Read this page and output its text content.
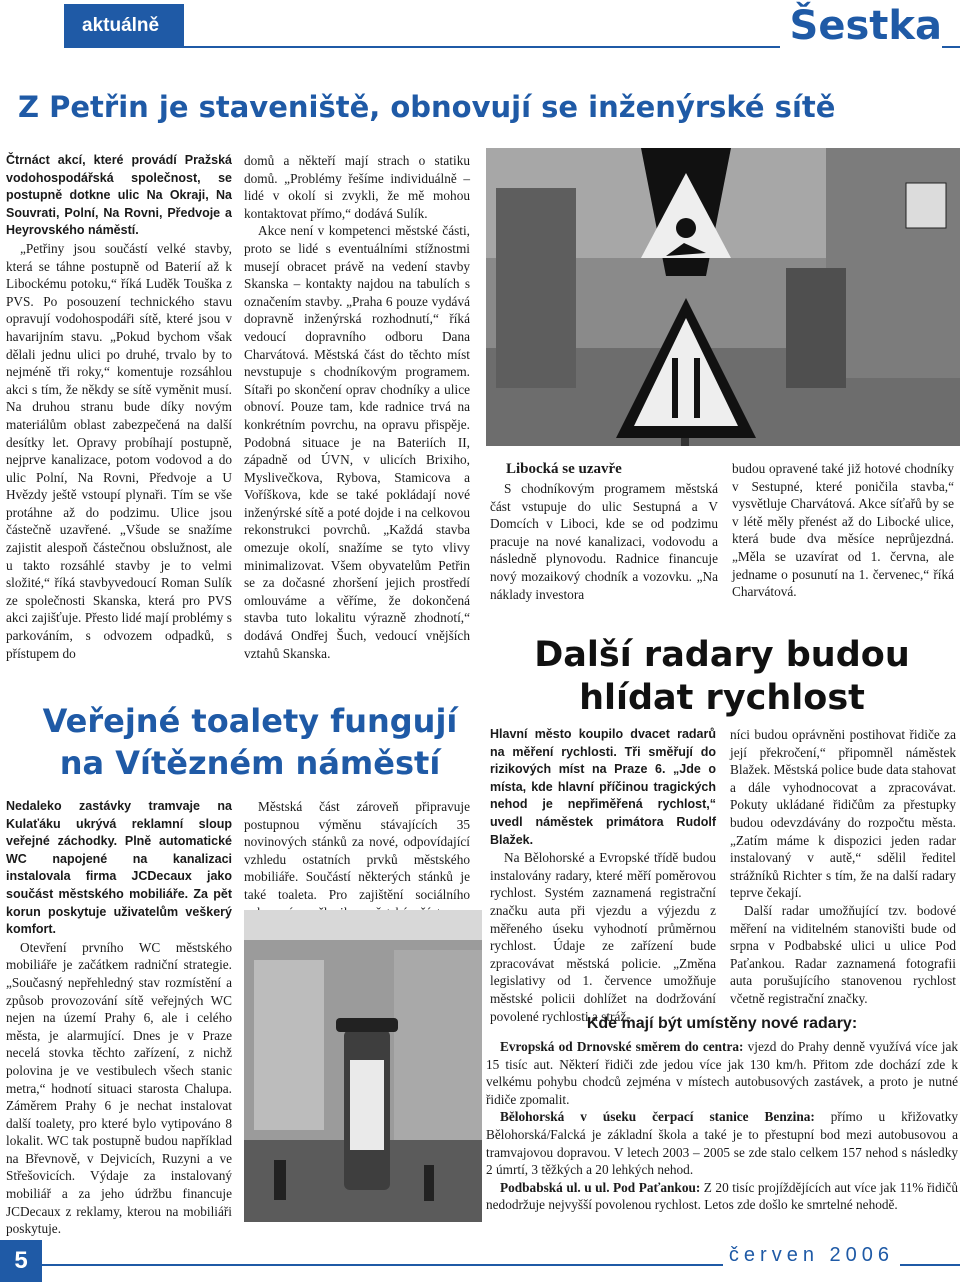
aktuálně	Šestka
Z Petřin je staveniště, obnovují se inženýrské sítě

Čtrnáct akcí, které provádí Pražská vodohospodářská společnost, se postupně dotkne ulic Na Okraji, Na Souvrati, Polní, Na Rovni, Předvoje a Heyrovského náměstí.

„Petřiny jsou součástí velké stavby, která se táhne postupně od Baterií až k Libockému potoku,“ říká Luděk Touška z PVS. Po posouzení technického stavu opravují vodohospodáři sítě, které jsou v havarijním stavu. „Pokud bychom však dělali jednu ulici po druhé, trvalo by to nejméně tři roky,“ komentuje rozsáhlou akci s tím, že někdy se sítě vyměnit musí. Na druhou stranu bude díky novým materiálům oblast zabezpečená na další desítky let. Opravy probíhají postupně, nejprve kanalizace, potom vodovod a do ulic Polní, Na Rovni, Předvoje a U Hvězdy ještě vstoupí plynaři. Tím se vše protáhne až do podzimu. Ulice jsou částečně uzavřené. „Všude se snažíme zajistit alespoň částečnou obslužnost, ale u takto rozsáhlé stavby je to velmi složité,“ říká stavbyvedoucí Roman Sulík ze společnosti Skanska, která pro PVS akci zajišťuje. Přesto lidé mají problémy s parkováním, s odvozem odpadků, s přístupem do

domů a někteří mají strach o statiku domů. „Problémy řešíme individuálně – lidé v okolí si zvykli, že mě mohou kontaktovat přímo,“ dodává Sulík.

Akce není v kompetenci městské části, proto se lidé s eventuálními stížnostmi musejí obracet právě na vedení stavby Skanska – kontakty najdou na tabulích s označením stavby. „Praha 6 pouze vydává dopravně inženýrská rozhodnutí,“ říká vedoucí dopravního odboru Dana Charvátová. Městská část do těchto míst nevstupuje s chodníkovým programem. Sítaři po skončení oprav chodníky a ulice obnoví. Pouze tam, kde radnice trvá na konkrétním povrchu, na opravu přispěje. Podobná situace je na Bateriích II, západně od ÚVN, v ulicích Brixiho, Myslivečkova, Rybova, Stamicova a Voříškova, kde se také pokládají nové inženýrské sítě a poté dojde i na celkovou rekonstrukci povrchů. „Každá stavba omezuje okolí, snažíme se tyto vlivy minimalizovat. Všem obyvatelům Petřin se za dočasné zhoršení jejich prostředí omlouváme a věříme, že dokončená stavba tuto lokalitu výrazně zhodnotí,“ dodává Ondřej Šuch, vedoucí vnějších vztahů Skanska.

Libocká se uzavře

S chodníkovým programem městská část vstupuje do ulic Sestupná a V Domcích v Liboci, kde se od podzimu pracuje na nové kanalizaci, vodovodu a následně plynovodu. Radnice financuje nový mozaikový chodník a vozovku. „Na náklady investora

budou opravené také již hotové chodníky v Sestupné, které poničila stavba,“ vysvětluje Charvátová. Akce síťařů by se v létě měly přenést až do Libocké ulice, která bude dva měsíce neprůjezdná. „Měla se uzavírat od 1. června, ale jedname o posunutí na 1. červenec,“ říká Charvátová.

Veřejné toalety fungují na Vítězném náměstí

Nedaleko zastávky tramvaje na Kulaťáku ukrývá reklamní sloup veřejné záchodky. Plně automatické WC napojené na kanalizaci instalovala firma JCDecaux jako součást městského mobiliáře. Za pět korun poskytuje uživatelům veškerý komfort.

Otevření prvního WC městského mobiliáře je začátkem radniční strategie. „Současný nepřehledný stav rozmístění a způsob provozování sítě veřejných WC nejen na území Prahy 6, ale i celého města, je alarmující. Dnes je v Praze necelá stovka těchto zařízení, z nichž polovina je ve vestibulech všech stanic metra,“ hodnotí situaci starosta Chalupa. Záměrem Prahy 6 je nechat instalovat další toalety, pro které bylo vytipováno 8 lokalit. WC tak postupně budou například na Břevnově, v Dejvicích, Ruzyni a ve Střešovicích. Výdaje za instalovaný mobiliář a za jeho údržbu financuje JCDecaux z reklamy, kterou na mobiliáři poskytuje.

Městská část zároveň připravuje postupnou výměnu stávajících 35 novinových stánků za nové, odpovídající vzhledu ostatních prvků městského mobiliáře. Součástí některých stánků je také toaleta. Pro zajištění sociálního

Další radary budou hlídat rychlost

Hlavní město koupilo dvacet radarů na měření rychlosti. Tři směřují do rizikových míst na Praze 6. „Jde o místa, kde hlavní příčinou tragických nehod je nepřiměřená rychlost,“ uvedl náměstek primátora Rudolf Blažek.

Na Bělohorské a Evropské třídě budou instalovány radary, které měří poměrovou rychlost. Systém zaznamená registrační značku auta při vjezdu a výjezdu z měřeného úseku vyhodnotí průměrnou rychlost. Údaje ze zařízení bude zpracovávat městská policie. „Změna legislativy od 1. července umožňuje městské policii dohlížet na dodržování povolené rychlosti a stráž-

níci budou oprávněni postihovat řidiče za její překročení,“ připomněl náměstek Blažek. Městská police bude data stahovat a dále vyhodnocovat a zpracovávat. Pokuty ukládané řidičům za přestupky budou odevzdávány do rozpočtu města. „Zatím máme k dispozici jeden radar instalovaný v autě,“ sdělil ředitel strážníků Richter s tím, že na další radary teprve čekají.

Další radar umožňující tzv. bodové měření na viditelném stanovišti bude od srpna v Podbabské ulici u ulice Pod Paťankou. Radar zaznamená fotografii auta porušujícího stanovenou rychlost včetně registrační značky.

Kde mají být umístěny nové radary:

Evropská od Drnovské směrem do centra: vjezd do Prahy denně využívá více jak 15 tisíc aut. Některí řidiči zde jedou více jak 130 km/h. Přitom zde dochází zde k velkému pohybu chodců zejména v místech autobusových zastávek, a proto je nutné řidiče zpomalit.

Bělohorská v úseku čerpací stanice Benzina: přímo u křižovatky Bělohorská/Falcká je základní škola a také je to přestupní bod mezi autobusovou a tramvajovou dopravou. V letech 2003 – 2005 se zde stalo celkem 157 nehod s následky 2 úmrtí, 3 těžkých a 20 lehkých nehod.

Podbabská ul. u ul. Pod Paťankou: Z 20 tisíc projíždějících aut více jak 11% řidičů nedodržuje nejvyšší povolenou rychlost. Letos zde došlo ke smrtelné nehodě.

5	červen 2006
